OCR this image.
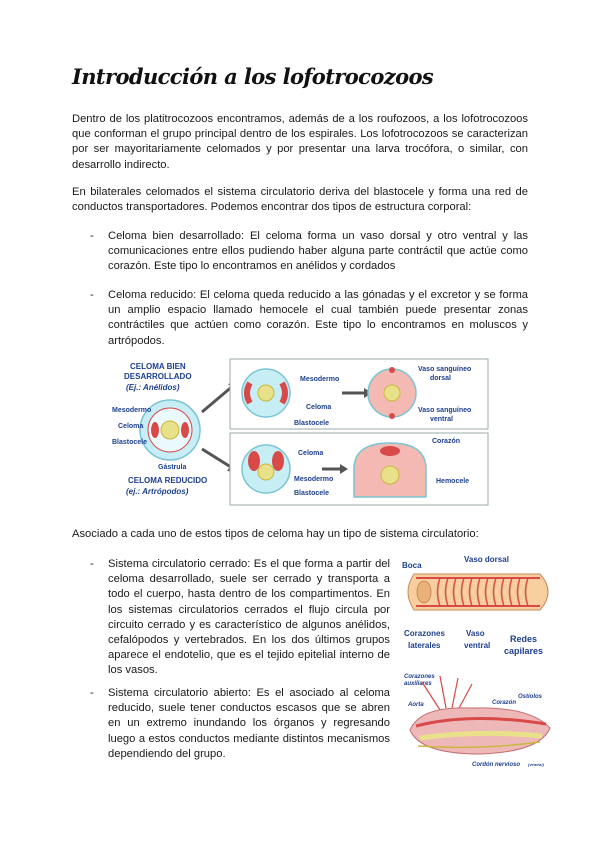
Introducción a los lofotrocozoos

Dentro de los platitrocozoos encontramos, además de a los roufozoos, a los lofotrocozoos que conforman el grupo principal dentro de los espirales. Los lofotrocozoos se caracterizan por ser mayoritariamente celomados y por presentar una larva trocófora, o similar, con desarrollo indirecto.

En bilaterales celomados el sistema circulatorio deriva del blastocele y forma una red de conductos transportadores. Podemos encontrar dos tipos de estructura corporal:

- Celoma bien desarrollado: El celoma forma un vaso dorsal y otro ventral y las comunicaciones entre ellos pudiendo haber alguna parte contráctil que actúe como corazón. Este tipo lo encontramos en anélidos y cordados

- Celoma reducido: El celoma queda reducido a las gónadas y el excretor y se forma un amplio espacio llamado hemocele el cual también puede presentar zonas contráctiles que actúen como corazón. Este tipo lo encontramos en moluscos y artrópodos.

CELOMA BIEN
DESARROLLADO
(Ej.: Anélidos)
Mesodermo
Celoma
Blastocele
Gástrula
CELOMA REDUCIDO
(ej.: Artrópodos)
Mesodermo
Celoma
Blastocele
Vaso sanguíneo
dorsal
Vaso sanguíneo
ventral
Celoma
Mesodermo
Blastocele
Corazón
Hemocele

Asociado a cada uno de estos tipos de celoma hay un tipo de sistema circulatorio:

- Sistema circulatorio cerrado: Es el que forma a partir del celoma desarrollado, suele ser cerrado y transporta a todo el cuerpo, hasta dentro de los compartimentos. En los sistemas circulatorios cerrados el flujo circula por circuito cerrado y es característico de algunos anélidos, cefalópodos y vertebrados. En los dos últimos grupos aparece el endotelio, que es el tejido epitelial interno de los vasos.

- Sistema circulatorio abierto: Es el asociado al celoma reducido, suele tener conductos escasos que se abren en un extremo inundando los órganos y regresando luego a estos conductos mediante distintos mecanismos dependiendo del grupo.

Boca
Vaso dorsal
Corazones
laterales
Vaso
ventral
Redes
capilares
Corazones
auxiliares
Aorta	Corazón
Ostiolos
Cordón nervioso (ventral)
